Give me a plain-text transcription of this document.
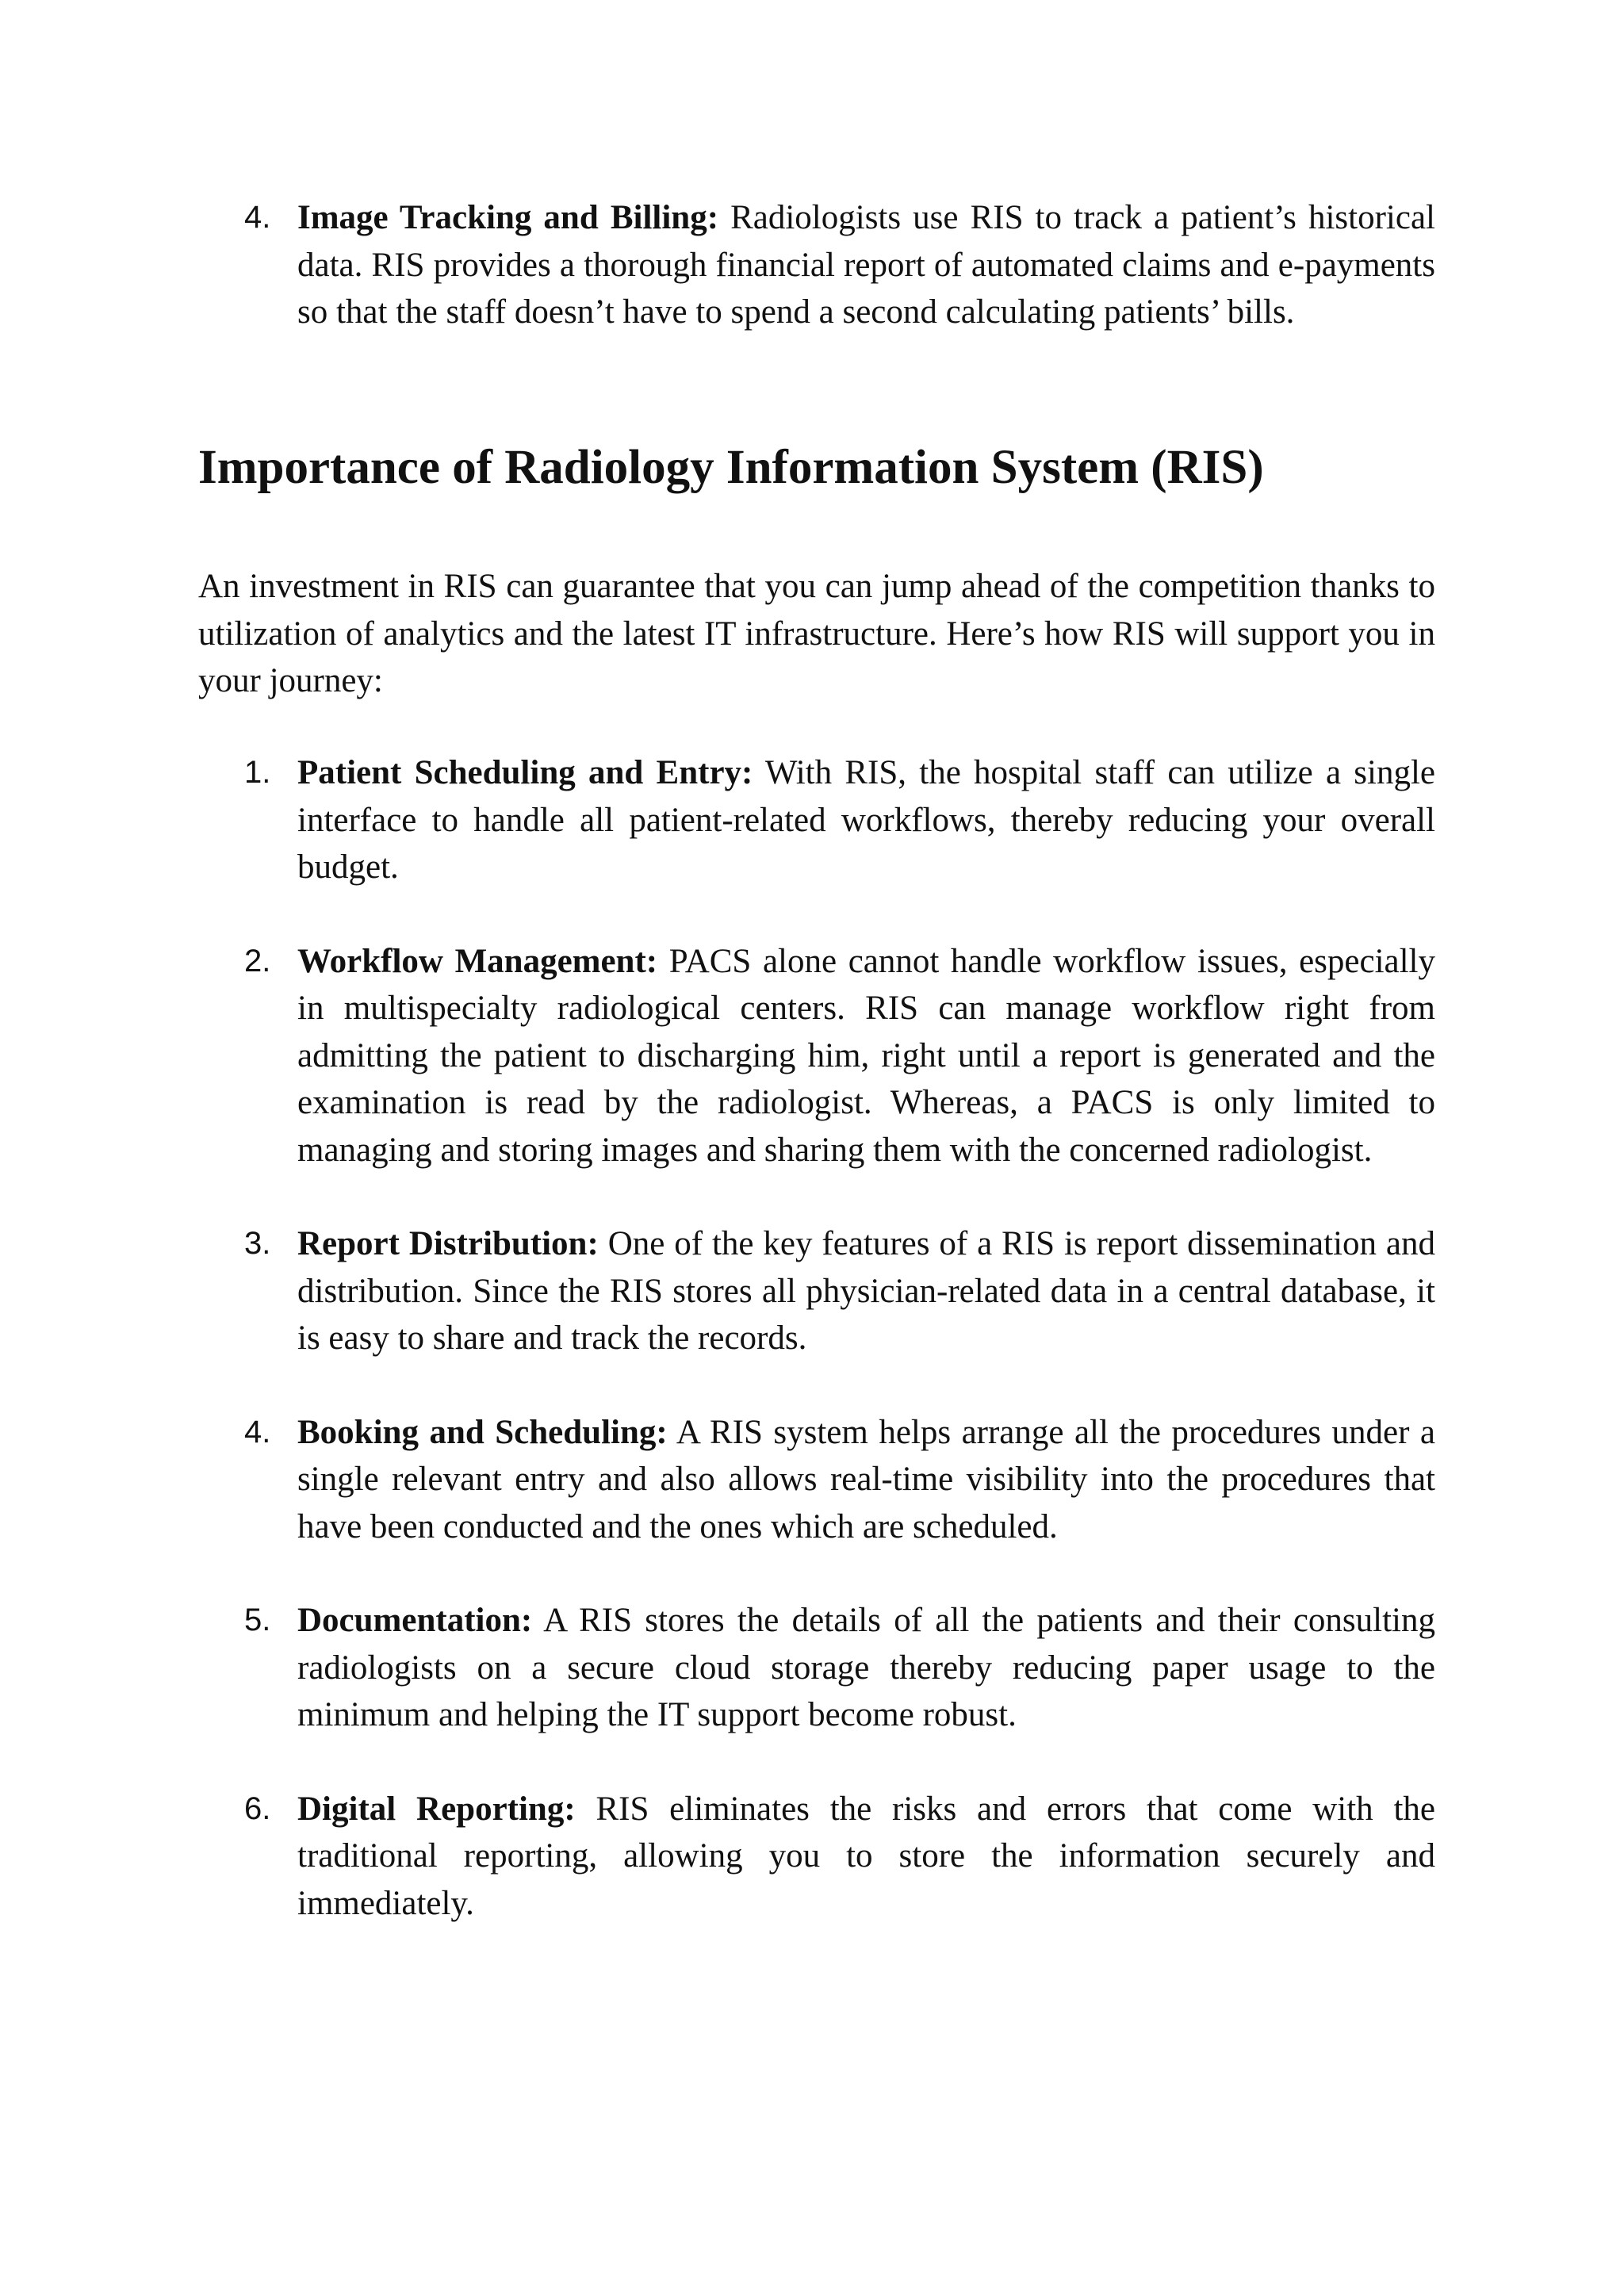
4. Image Tracking and Billing: Radiologists use RIS to track a patient’s historical data. RIS provides a thorough financial report of automated claims and e-payments so that the staff doesn’t have to spend a second calculating patients’ bills.
Importance of Radiology Information System (RIS)

An investment in RIS can guarantee that you can jump ahead of the competition thanks to utilization of analytics and the latest IT infrastructure. Here’s how RIS will support you in your journey:

1. Patient Scheduling and Entry: With RIS, the hospital staff can utilize a single interface to handle all patient-related workflows, thereby reducing your overall budget.
2. Workflow Management: PACS alone cannot handle workflow issues, especially in multispecialty radiological centers. RIS can manage workflow right from admitting the patient to discharging him, right until a report is generated and the examination is read by the radiologist. Whereas, a PACS is only limited to managing and storing images and sharing them with the concerned radiologist.
3. Report Distribution: One of the key features of a RIS is report dissemination and distribution. Since the RIS stores all physician-related data in a central database, it is easy to share and track the records.
4. Booking and Scheduling: A RIS system helps arrange all the procedures under a single relevant entry and also allows real-time visibility into the procedures that have been conducted and the ones which are scheduled.
5. Documentation: A RIS stores the details of all the patients and their consulting radiologists on a secure cloud storage thereby reducing paper usage to the minimum and helping the IT support become robust.
6. Digital Reporting: RIS eliminates the risks and errors that come with the traditional reporting, allowing you to store the information securely and immediately.
